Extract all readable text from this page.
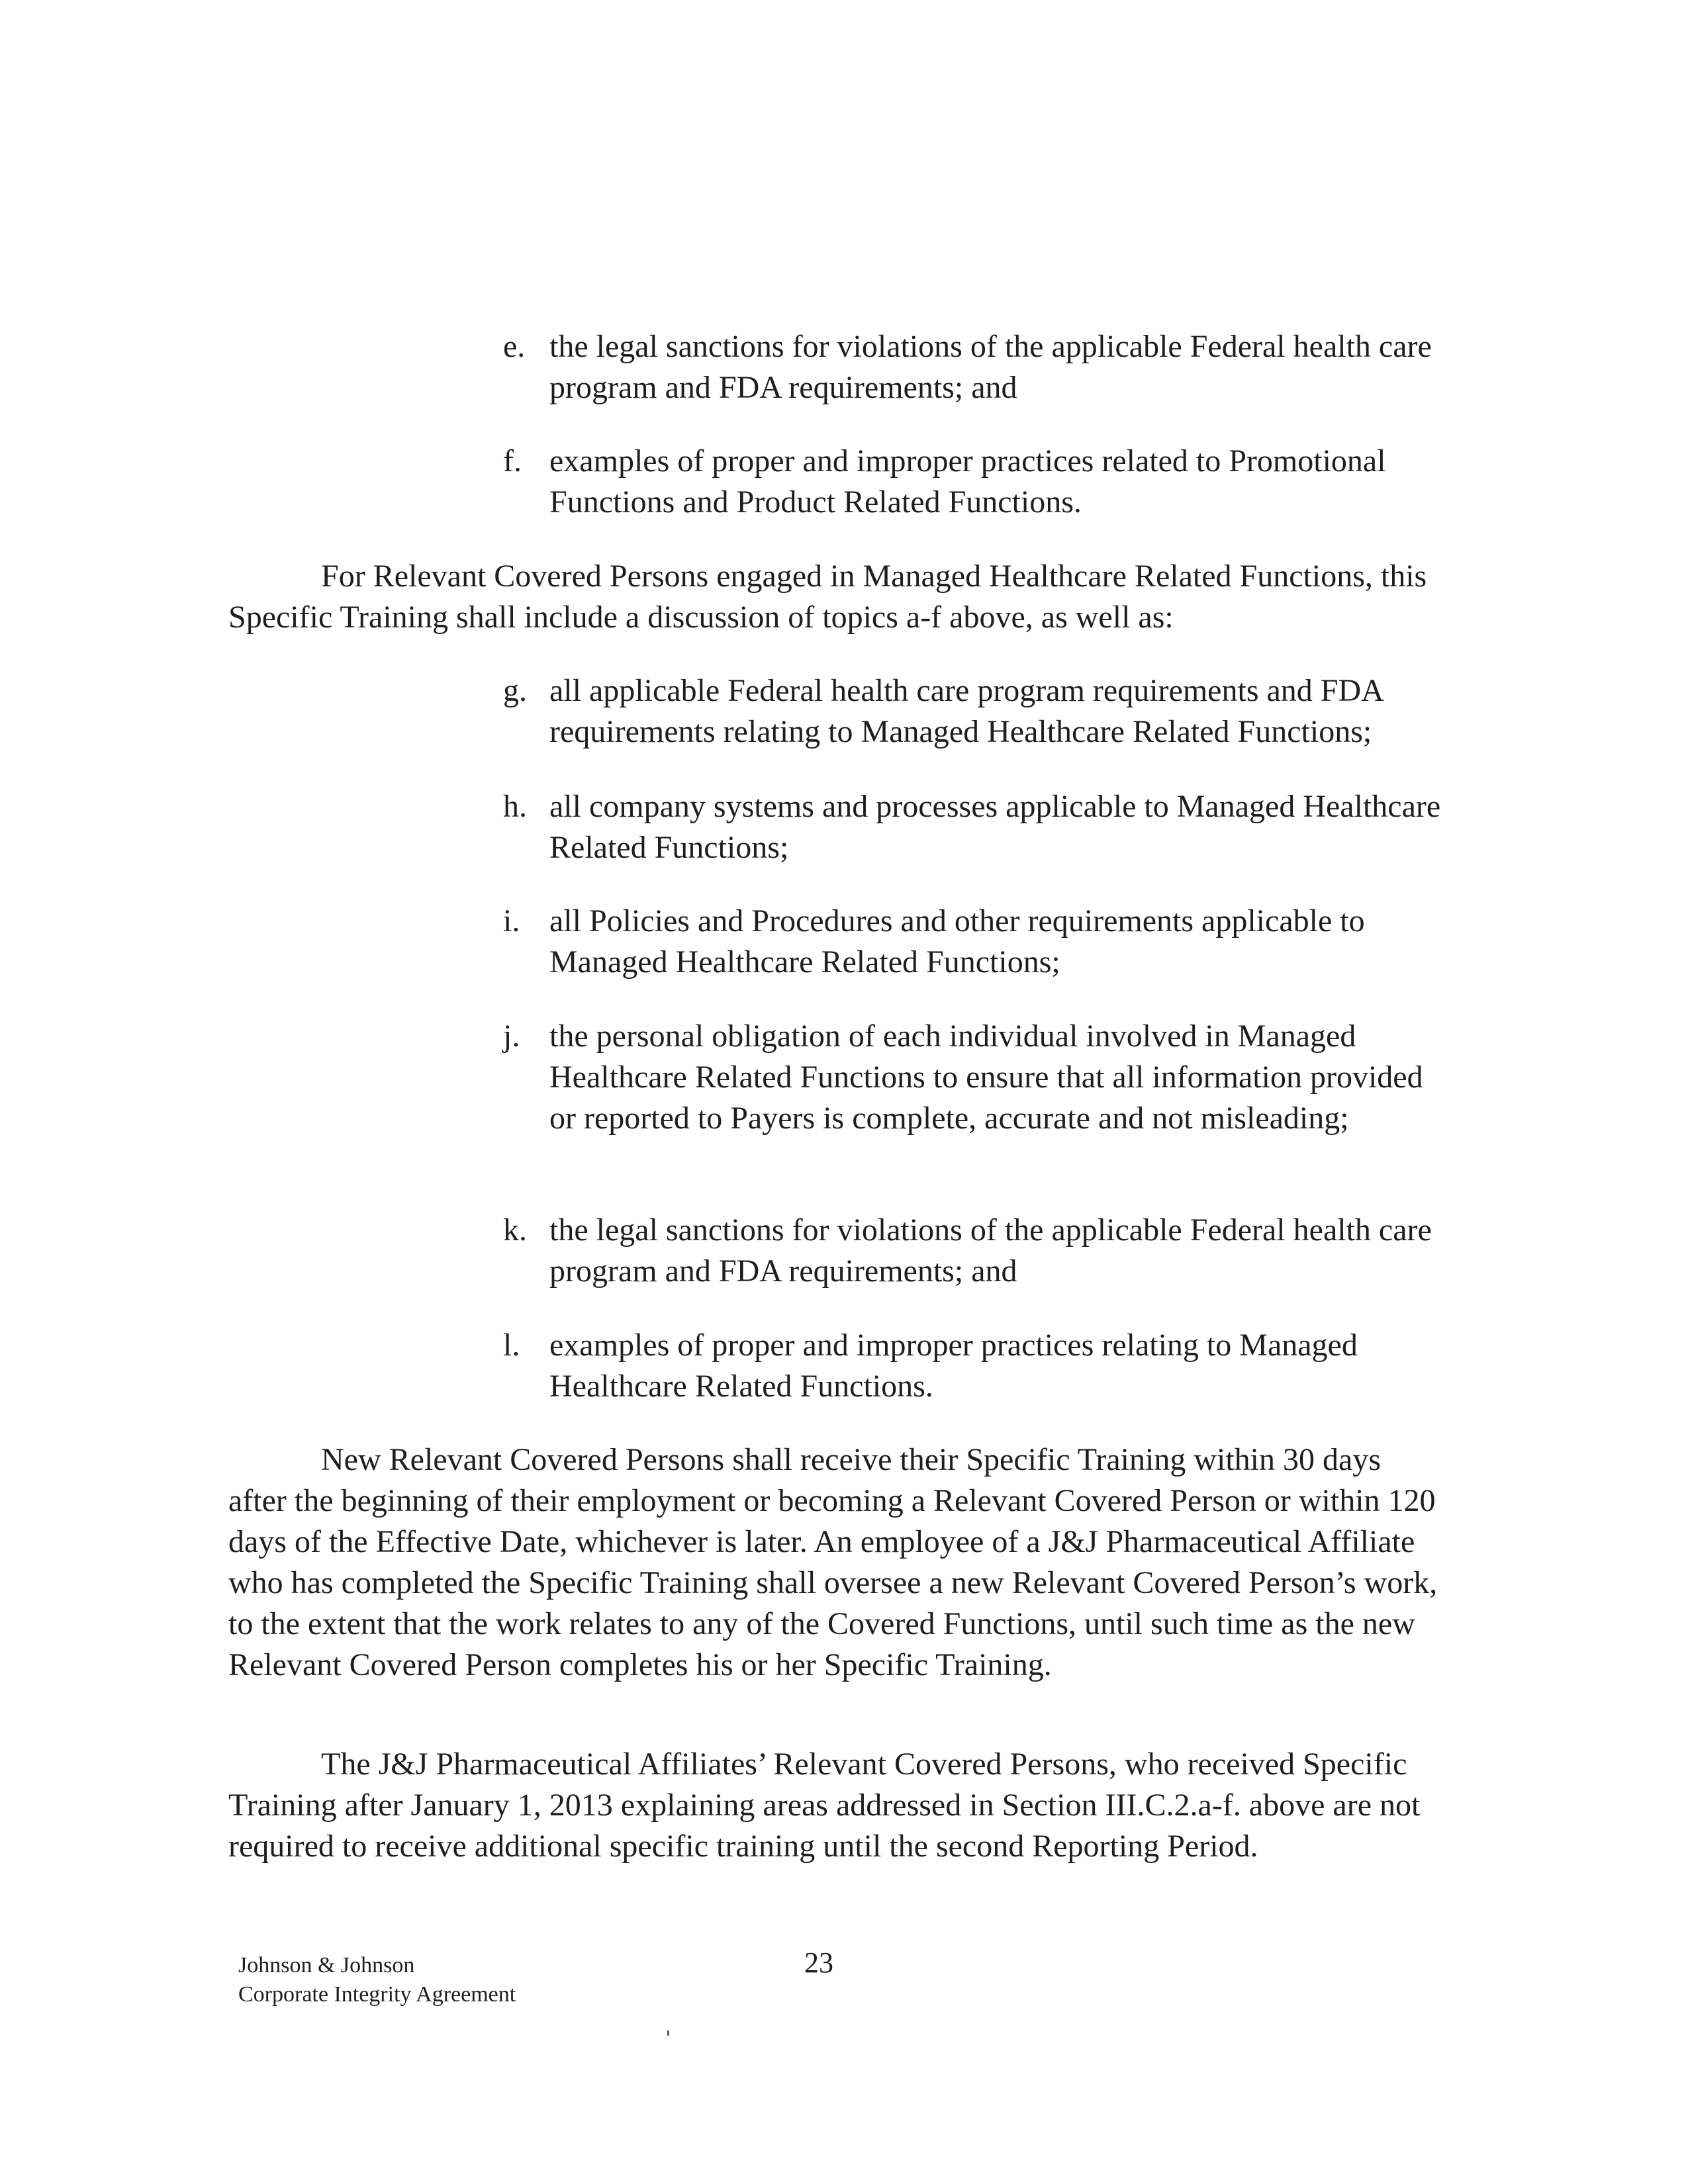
e. the legal sanctions for violations of the applicable Federal health care program and FDA requirements; and
f. examples of proper and improper practices related to Promotional Functions and Product Related Functions.
For Relevant Covered Persons engaged in Managed Healthcare Related Functions, this Specific Training shall include a discussion of topics a-f above, as well as:
g. all applicable Federal health care program requirements and FDA requirements relating to Managed Healthcare Related Functions;
h. all company systems and processes applicable to Managed Healthcare Related Functions;
i. all Policies and Procedures and other requirements applicable to Managed Healthcare Related Functions;
j. the personal obligation of each individual involved in Managed Healthcare Related Functions to ensure that all information provided or reported to Payers is complete, accurate and not misleading;
k. the legal sanctions for violations of the applicable Federal health care program and FDA requirements; and
l. examples of proper and improper practices relating to Managed Healthcare Related Functions.
New Relevant Covered Persons shall receive their Specific Training within 30 days after the beginning of their employment or becoming a Relevant Covered Person or within 120 days of the Effective Date, whichever is later. An employee of a J&J Pharmaceutical Affiliate who has completed the Specific Training shall oversee a new Relevant Covered Person’s work, to the extent that the work relates to any of the Covered Functions, until such time as the new Relevant Covered Person completes his or her Specific Training.
The J&J Pharmaceutical Affiliates’ Relevant Covered Persons, who received Specific Training after January 1, 2013 explaining areas addressed in Section III.C.2.a-f. above are not required to receive additional specific training until the second Reporting Period.
Johnson & Johnson
Corporate Integrity Agreement
23
